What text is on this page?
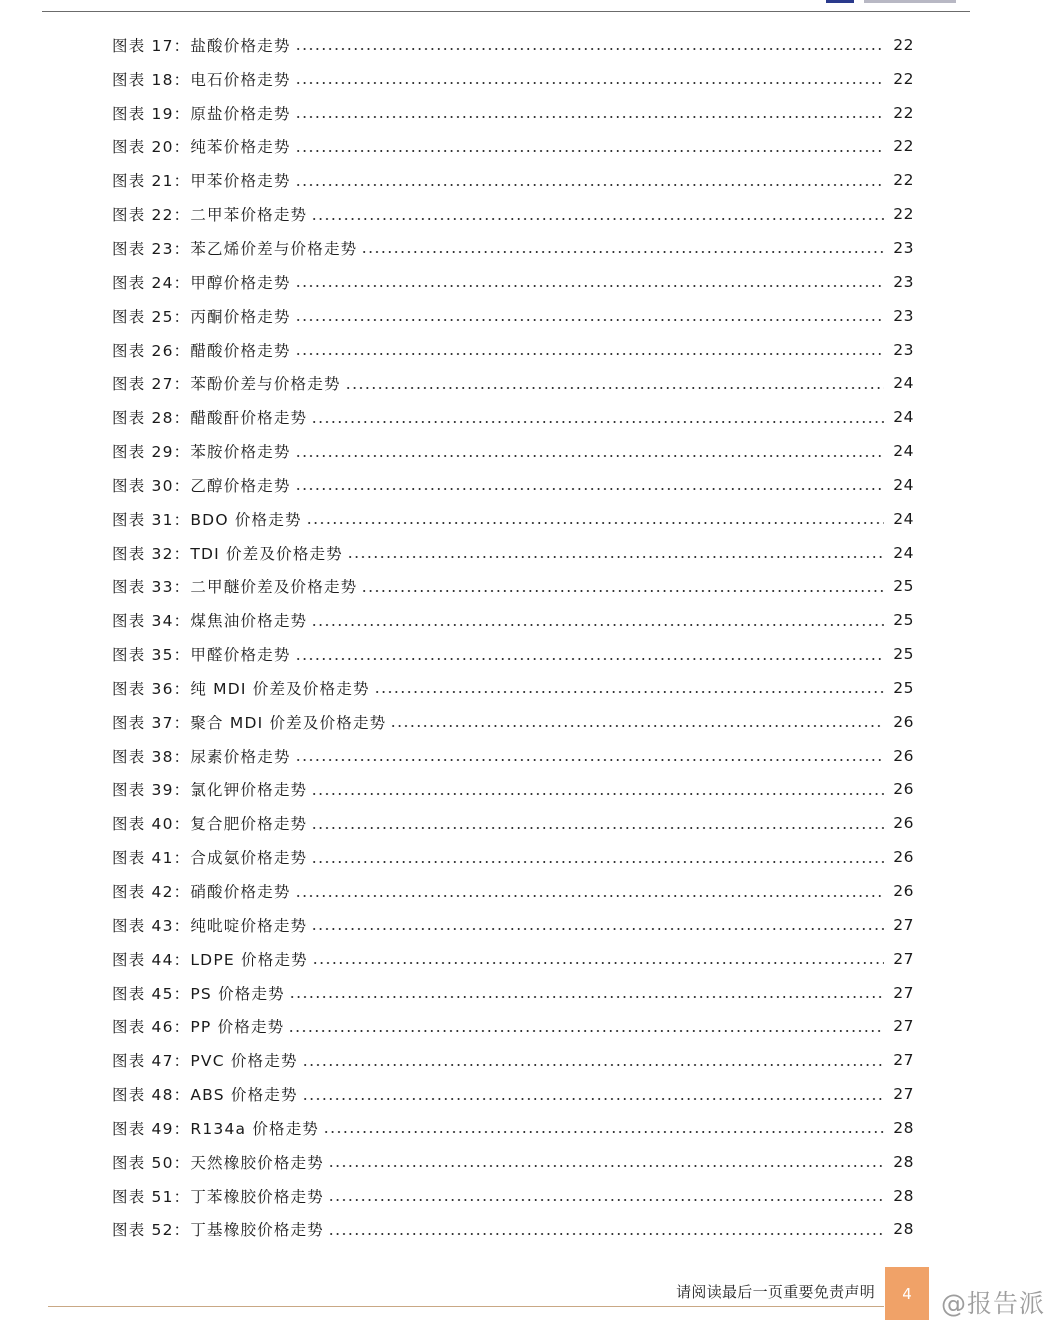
图表 17：盐酸价格走势	22
图表 18：电石价格走势	22
图表 19：原盐价格走势	22
图表 20：纯苯价格走势	22
图表 21：甲苯价格走势	22
图表 22：二甲苯价格走势	22
图表 23：苯乙烯价差与价格走势	23
图表 24：甲醇价格走势	23
图表 25：丙酮价格走势	23
图表 26：醋酸价格走势	23
图表 27：苯酚价差与价格走势	24
图表 28：醋酸酐价格走势	24
图表 29：苯胺价格走势	24
图表 30：乙醇价格走势	24
图表 31：BDO 价格走势	24
图表 32：TDI 价差及价格走势	24
图表 33：二甲醚价差及价格走势	25
图表 34：煤焦油价格走势	25
图表 35：甲醛价格走势	25
图表 36：纯 MDI 价差及价格走势	25
图表 37：聚合 MDI 价差及价格走势	26
图表 38：尿素价格走势	26
图表 39：氯化钾价格走势	26
图表 40：复合肥价格走势	26
图表 41：合成氨价格走势	26
图表 42：硝酸价格走势	26
图表 43：纯吡啶价格走势	27
图表 44：LDPE 价格走势	27
图表 45：PS 价格走势	27
图表 46：PP 价格走势	27
图表 47：PVC 价格走势	27
图表 48：ABS 价格走势	27
图表 49：R134a 价格走势	28
图表 50：天然橡胶价格走势	28
图表 51：丁苯橡胶价格走势	28
图表 52：丁基橡胶价格走势	28
请阅读最后一页重要免责声明 4 @报告派
